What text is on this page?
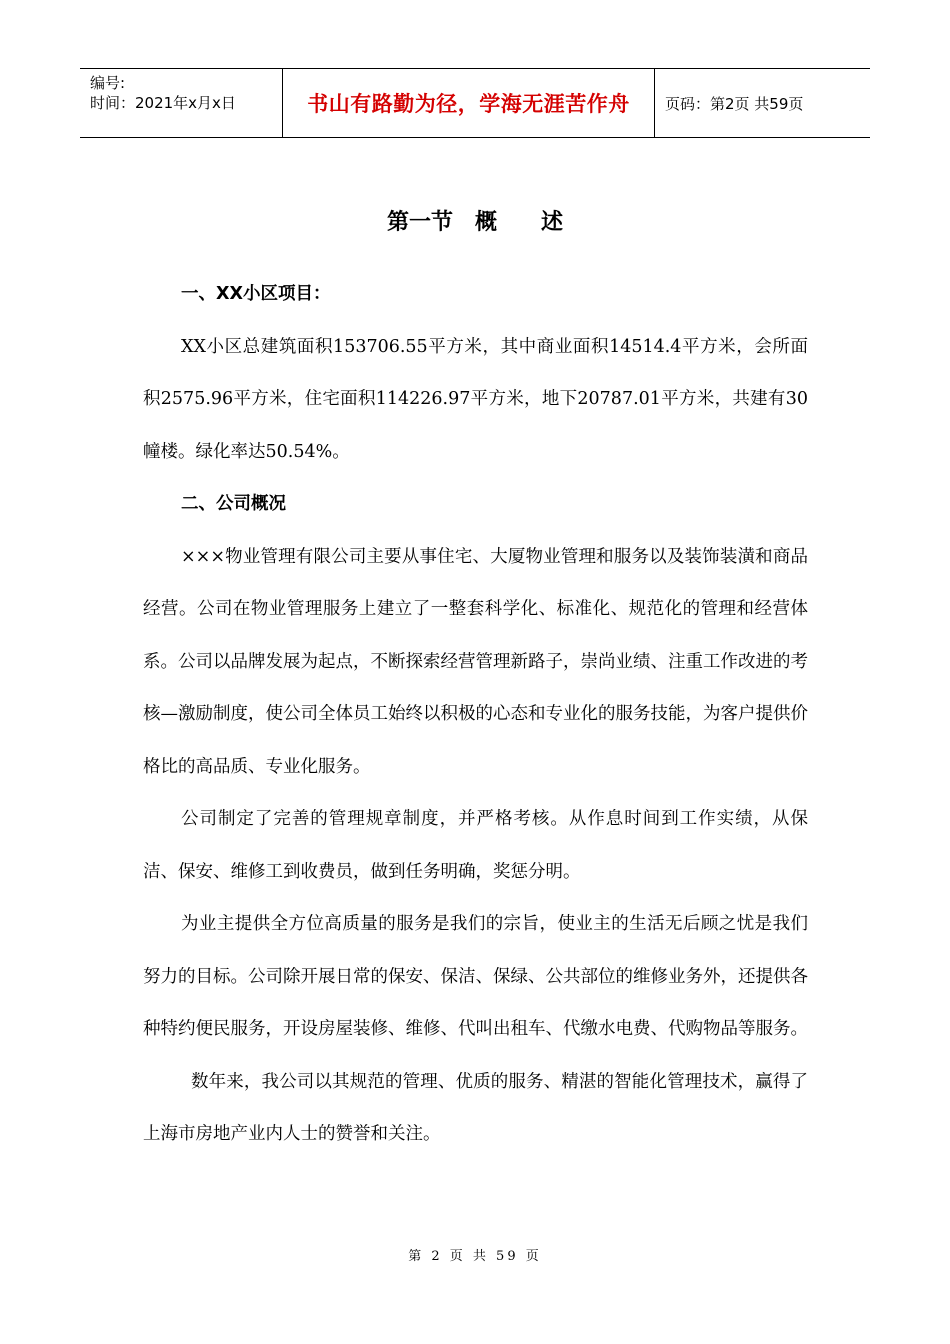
编号:
时间：2021年x月x日	书山有路勤为径，学海无涯苦作舟	页码：第2页 共59页
第一节 概 述

一、XX小区项目：

XX小区总建筑面积153706.55平方米，其中商业面积14514.4平方米，会所面积2575.96平方米，住宅面积114226.97平方米，地下20787.01平方米，共建有30幢楼。绿化率达50.54%。

二、公司概况

×××物业管理有限公司主要从事住宅、大厦物业管理和服务以及装饰装潢和商品经营。公司在物业管理服务上建立了一整套科学化、标准化、规范化的管理和经营体系。公司以品牌发展为起点，不断探索经营管理新路子，崇尚业绩、注重工作改进的考核—激励制度，使公司全体员工始终以积极的心态和专业化的服务技能，为客户提供价格比的高品质、专业化服务。

公司制定了完善的管理规章制度，并严格考核。从作息时间到工作实绩，从保洁、保安、维修工到收费员，做到任务明确，奖惩分明。

为业主提供全方位高质量的服务是我们的宗旨，使业主的生活无后顾之忧是我们努力的目标。公司除开展日常的保安、保洁、保绿、公共部位的维修业务外，还提供各种特约便民服务，开设房屋装修、维修、代叫出租车、代缴水电费、代购物品等服务。

数年来，我公司以其规范的管理、优质的服务、精湛的智能化管理技术，赢得了上海市房地产业内人士的赞誉和关注。

第 2 页 共 59 页
